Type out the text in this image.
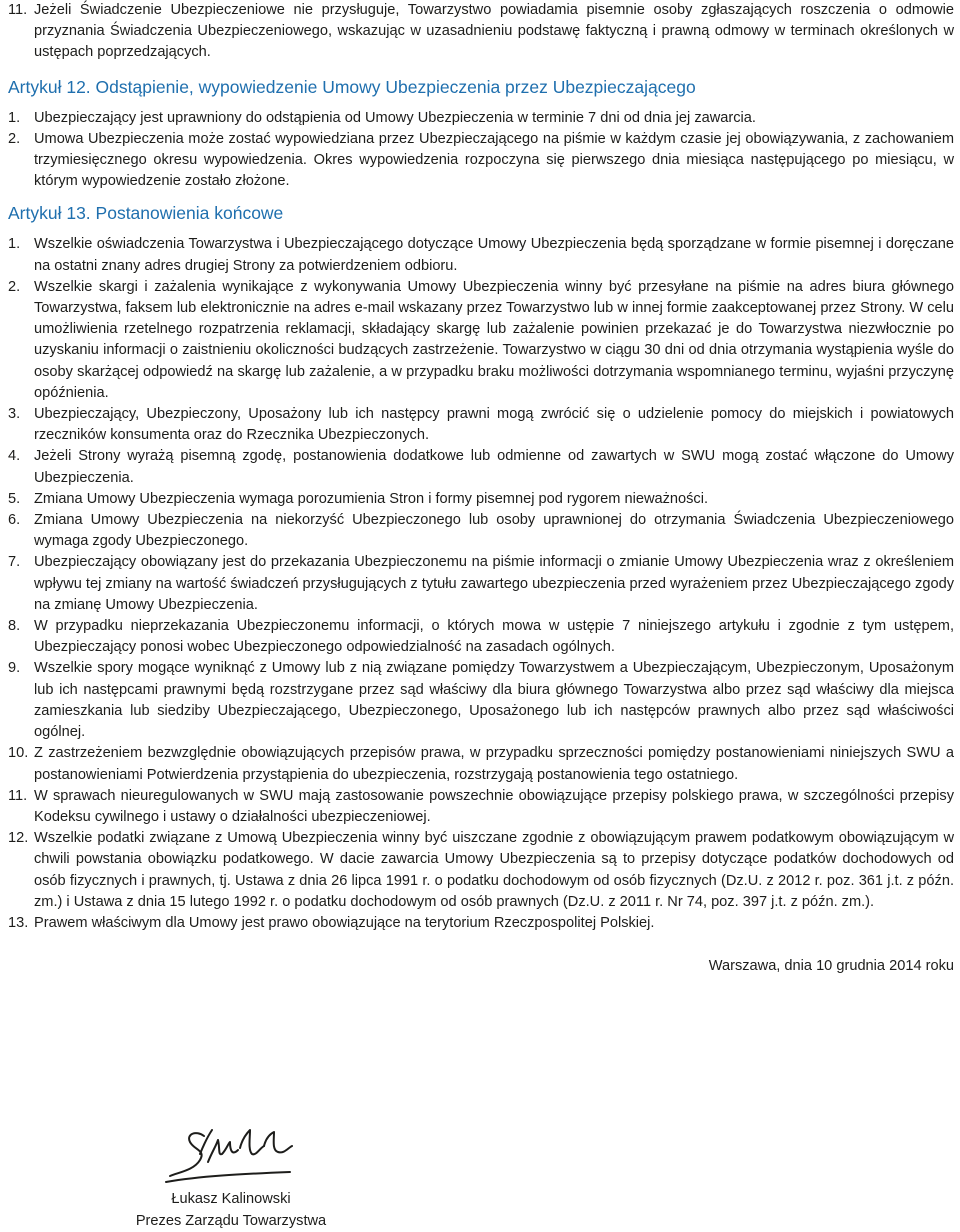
11. Jeżeli Świadczenie Ubezpieczeniowe nie przysługuje, Towarzystwo powiadamia pisemnie osoby zgłaszających roszczenia o odmowie przyznania Świadczenia Ubezpieczeniowego, wskazując w uzasadnieniu podstawę faktyczną i prawną odmowy w terminach określonych w ustępach poprzedzających.
Artykuł 12. Odstąpienie, wypowiedzenie Umowy Ubezpieczenia przez Ubezpieczającego
1. Ubezpieczający jest uprawniony do odstąpienia od Umowy Ubezpieczenia w terminie 7 dni od dnia jej zawarcia.
2. Umowa Ubezpieczenia może zostać wypowiedziana przez Ubezpieczającego na piśmie w każdym czasie jej obowiązywania, z zachowaniem trzymiesięcznego okresu wypowiedzenia. Okres wypowiedzenia rozpoczyna się pierwszego dnia miesiąca następującego po miesiącu, w którym wypowiedzenie zostało złożone.
Artykuł 13. Postanowienia końcowe
1. Wszelkie oświadczenia Towarzystwa i Ubezpieczającego dotyczące Umowy Ubezpieczenia będą sporządzane w formie pisemnej i doręczane na ostatni znany adres drugiej Strony za potwierdzeniem odbioru.
2. Wszelkie skargi i zażalenia wynikające z wykonywania Umowy Ubezpieczenia winny być przesyłane na piśmie na adres biura głównego Towarzystwa, faksem lub elektronicznie na adres e-mail wskazany przez Towarzystwo lub w innej formie zaakceptowanej przez Strony. W celu umożliwienia rzetelnego rozpatrzenia reklamacji, składający skargę lub zażalenie powinien przekazać je do Towarzystwa niezwłocznie po uzyskaniu informacji o zaistnieniu okoliczności budzących zastrzeżenie. Towarzystwo w ciągu 30 dni od dnia otrzymania wystąpienia wyśle do osoby skarżącej odpowiedź na skargę lub zażalenie, a w przypadku braku możliwości dotrzymania wspomnianego terminu, wyjaśni przyczynę opóźnienia.
3. Ubezpieczający, Ubezpieczony, Uposażony lub ich następcy prawni mogą zwrócić się o udzielenie pomocy do miejskich i powiatowych rzeczników konsumenta oraz do Rzecznika Ubezpieczonych.
4. Jeżeli Strony wyrażą pisemną zgodę, postanowienia dodatkowe lub odmienne od zawartych w SWU mogą zostać włączone do Umowy Ubezpieczenia.
5. Zmiana Umowy Ubezpieczenia wymaga porozumienia Stron i formy pisemnej pod rygorem nieważności.
6. Zmiana Umowy Ubezpieczenia na niekorzyść Ubezpieczonego lub osoby uprawnionej do otrzymania Świadczenia Ubezpieczeniowego wymaga zgody Ubezpieczonego.
7. Ubezpieczający obowiązany jest do przekazania Ubezpieczonemu na piśmie informacji o zmianie Umowy Ubezpieczenia wraz z określeniem wpływu tej zmiany na wartość świadczeń przysługujących z tytułu zawartego ubezpieczenia przed wyrażeniem przez Ubezpieczającego zgody na zmianę Umowy Ubezpieczenia.
8. W przypadku nieprzekazania Ubezpieczonemu informacji, o których mowa w ustępie 7 niniejszego artykułu i zgodnie z tym ustępem, Ubezpieczający ponosi wobec Ubezpieczonego odpowiedzialność na zasadach ogólnych.
9. Wszelkie spory mogące wyniknąć z Umowy lub z nią związane pomiędzy Towarzystwem a Ubezpieczającym, Ubezpieczonym, Uposażonym lub ich następcami prawnymi będą rozstrzygane przez sąd właściwy dla biura głównego Towarzystwa albo przez sąd właściwy dla miejsca zamieszkania lub siedziby Ubezpieczającego, Ubezpieczonego, Uposażonego lub ich następców prawnych albo przez sąd właściwości ogólnej.
10. Z zastrzeżeniem bezwzględnie obowiązujących przepisów prawa, w przypadku sprzeczności pomiędzy postanowieniami niniejszych SWU a postanowieniami Potwierdzenia przystąpienia do ubezpieczenia, rozstrzygają postanowienia tego ostatniego.
11. W sprawach nieuregulowanych w SWU mają zastosowanie powszechnie obowiązujące przepisy polskiego prawa, w szczególności przepisy Kodeksu cywilnego i ustawy o działalności ubezpieczeniowej.
12. Wszelkie podatki związane z Umową Ubezpieczenia winny być uiszczane zgodnie z obowiązującym prawem podatkowym obowiązującym w chwili powstania obowiązku podatkowego. W dacie zawarcia Umowy Ubezpieczenia są to przepisy dotyczące podatków dochodowych od osób fizycznych i prawnych, tj. Ustawa z dnia 26 lipca 1991 r. o podatku dochodowym od osób fizycznych (Dz.U. z 2012 r. poz. 361 j.t. z późn. zm.) i Ustawa z dnia 15 lutego 1992 r. o podatku dochodowym od osób prawnych (Dz.U. z 2011 r. Nr 74, poz. 397 j.t. z późn. zm.).
13. Prawem właściwym dla Umowy jest prawo obowiązujące na terytorium Rzeczpospolitej Polskiej.
Warszawa, dnia 10 grudnia 2014 roku
Łukasz Kalinowski
Prezes Zarządu Towarzystwa
